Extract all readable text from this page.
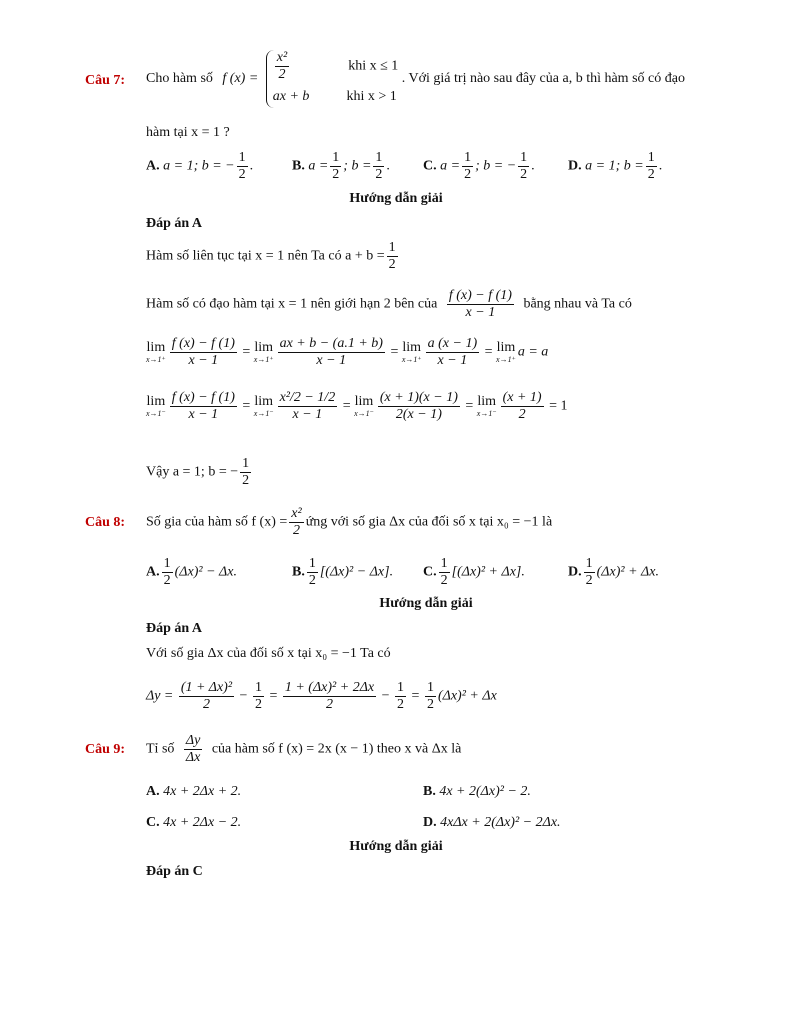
Câu 7: Cho hàm số f $(x) = \frac{\text{x²}}{2}$	khi x ≤ 1
ax + b	khi x > 1
. Với giá trị nào sau đây của a, b thì hàm số có đạo
hàm tại x = 1 ?
A. a = 1; b = − $\frac{1}{2}$ .	B. $a = \frac{1}{2}$ ; $b = \frac{1}{2}$ . C. $a = \frac{1}{2}$ ; b = − $\frac{1}{2}$ . D. a = 1; $b = \frac{1}{2}$ .
Hướng dẫn giải
Đáp án A
Hàm số liên tục tại x = 1 nên Ta có $a + b = \frac{1}{2}$
Hàm số có đạo hàm tại x = 1 nên giới hạn 2 bên của $\frac{f (x) - f (1)}{x - 1}$ bằng nhau và Ta có
lim
$x\to 1^+ \frac{f (x) - f (1)}{x - 1} = \lim$
$x\to 1^+ \frac{ax + b - (a.1 + b)}{x - 1} = \lim$
$x\to 1^+ \frac{a (x - 1)}{x - 1} = \lim$
x→1⁺ a = a
lim
$x\to 1^- \frac{f (x) - f (1)}{x - 1} = \lim$
$x\to 1^- \frac{\text{x²/2 − 1/2}}{x - 1} = \lim$
$x\to 1^- \frac{(x + 1)(x - 1)}{2(x - 1)} = \lim$
$x\to 1^- \frac{(x + 1)}{2} = 1$
Vậy a = 1; b = − $\frac{1}{2}$
Câu 8: Số gia của hàm số f $(x) = \frac{\text{x²}}{2}$ ứng với số gia Δx của đối số x tại x₀ = −1 là
A. $\frac{1}{2} (\Delta x)^2 - \Delta x$.	B. $\frac{1}{2} [(\Delta x)^2 - \Delta x]$. C. $\frac{1}{2} [(\Delta x)^2 + \Delta x]$.	D. $\frac{1}{2} (\Delta x)^2 + \Delta x$.
Hướng dẫn giải
Đáp án A
Với số gia Δx của đối số x tại x₀ = −1 Ta có
$\Delta y = \frac{\text{(1 + Δx)²}}{2} - \frac{1}{2} = \frac{\text{1 + (Δx)² + 2Δx}}{2} - \frac{1}{2} = \frac{1}{2} (\Delta x)^2 + \Delta x$
Câu 9: Tỉ số $\frac{\Delta y}{\Delta x}$ của hàm số f (x) = 2x (x − 1) theo x và Δx là
A. 4x + 2Δx + 2.	B. 4x + 2(Δx)² − 2.
C. 4x + 2Δx − 2.	D. 4xΔx + 2(Δx)² − 2Δx.
Hướng dẫn giải
Đáp án C
